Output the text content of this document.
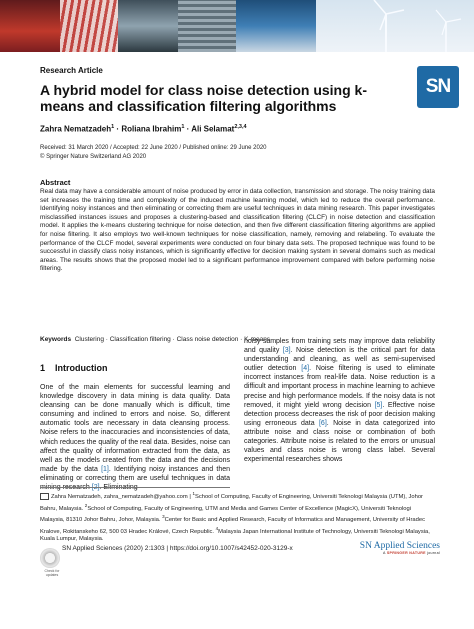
Research Article
A hybrid model for class noise detection using k-means and classification filtering algorithms
Zahra Nematzadeh$^1$ · Roliana Ibrahim$^1$ · Ali Selamat$^{2,3,4}$
Received: 31 March 2020 / Accepted: 22 June 2020 / Published online: 29 June 2020
© Springer Nature Switzerland AG 2020
SN
Abstract

Real data may have a considerable amount of noise produced by error in data collection, transmission and storage. The noisy training data set increases the training time and complexity of the induced machine learning model, which led to reduce the overall performance. Identifying noisy instances and then eliminating or correcting them are useful techniques in data mining research. This paper investigates misclassified instances issues and proposes a clustering-based and classification filtering (CLCF) in noise detection and classification model. It applies the k-means clustering technique for noise detection, and then five different classification filtering algorithms are applied for noise filtering. It also employs two well-known techniques for noise classification, namely, removing and relabeling. To evaluate the performance of the CLCF model, several experiments were conducted on four binary data sets. The proposed technique was found to be successful in classify class noisy instances, which is significantly effective for decision making system in several domains such as medical areas. The results shows that the proposed model led to a significant performance improvement compared with before performing noise filtering.

Keywords Clustering · Classification filtering · Class noise detection · K-means
1 Introduction

One of the main elements for successful learning and knowledge discovery in data mining is data quality. Data cleansing can be done manually which is difficult, time consuming and inclined to errors and noise. So, different automatic tools are necessary in data cleansing process. Noise refers to the inaccuracies and inconsistencies of data, which reduces the quality of the real data. Besides, noise can affect the quality of information extracted from the data, as well as the models created from the data and the decisions made by the data [1]. Identifying noisy instances and then eliminating or correcting them are useful techniques in data mining research [2]. Eliminating

noisy samples from training sets may improve data reliability and quality [3]. Noise detection is the critical part for data understanding and cleaning, as well as semi-supervised outlier detection [4]. Noise filtering is used to eliminate incorrect instances from real-life data. Noise reduction is a difficult and important process in machine learning to achieve precise and high performance models. If the noisy data is not removed, it might yield wrong decision [5]. Effective noise detection process decreases the risk of poor decision making using erroneous data [6]. Noise in data categorized into attribute noise and class noise or combination of both categories. Attribute noise is related to the errors or unusual values and class noise is wrong class label. Several experimental researches shows

Zahra Nematzadeh, zahra_nematzadeh@yahoo.com | $^1$School of Computing, Faculty of Engineering, Universiti Teknologi Malaysia (UTM), Johor Bahru, Malaysia. $^2$School of Computing, Faculty of Engineering, UTM and Media and Games Center of Excellence (MagicX), Universiti Teknologi Malaysia, 81310 Johor Bahru, Johor, Malaysia. $^3$Center for Basic and Applied Research, Faculty of Informatics and Management, University of Hradec Kralove, Rokitanskeho 62, 500 03 Hradec Králové, Czech Republic. $^4$Malaysia Japan International Institute of Technology, Universiti Teknologi Malaysia, Kuala Lumpur, Malaysia.

Check for updates
SN Applied Sciences (2020) 2:1303 | https://doi.org/10.1007/s42452-020-3129-x	SN Applied Sciences
A SPRINGER NATURE journal
